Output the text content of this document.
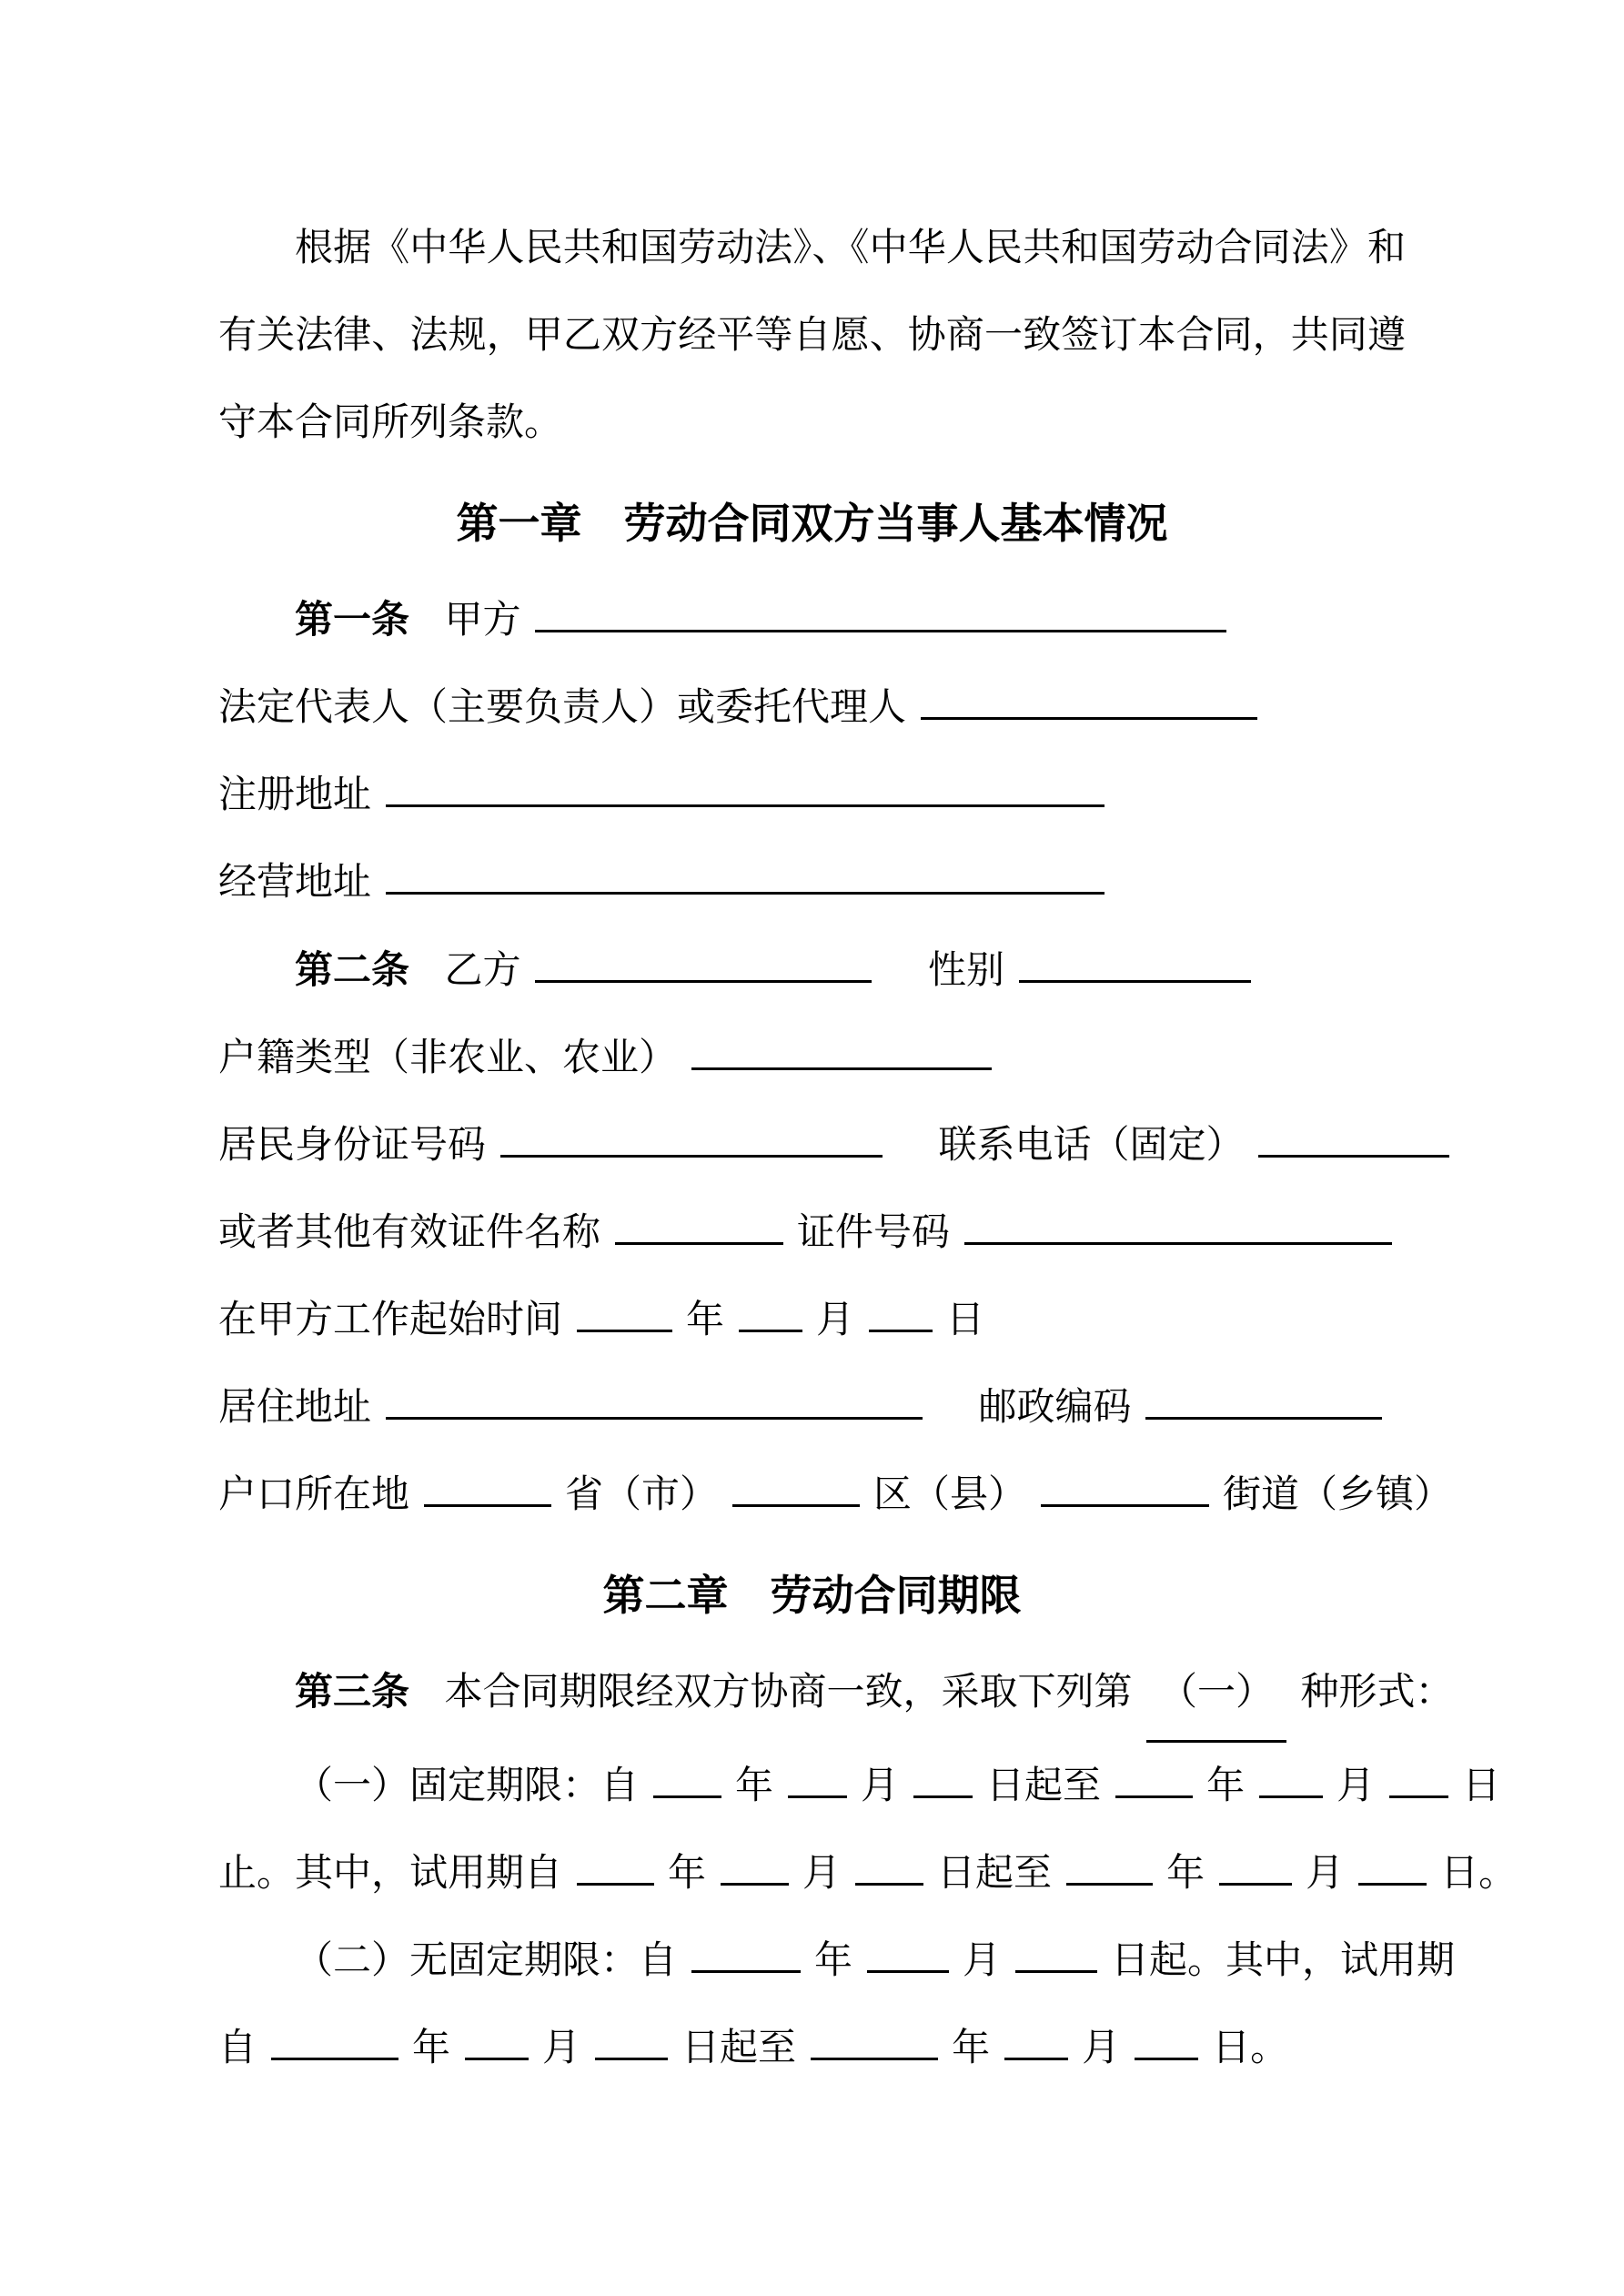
根据《中华人民共和国劳动法》、《中华人民共和国劳动合同法》和有关法律、法规，甲乙双方经平等自愿、协商一致签订本合同，共同遵守本合同所列条款。

第一章　劳动合同双方当事人基本情况
第一条 甲方
法定代表人（主要负责人）或委托代理人
注册地址
经营地址
第二条 乙方	性别
户籍类型（非农业、农业）
居民身份证号码	联系电话（固定）
或者其他有效证件名称	证件号码
在甲方工作起始时间	年 月 日
居住地址	邮政编码
户口所在地	省（市）	区（县）	街道（乡镇）
第二章　劳动合同期限
第三条 本合同期限经双方协商一致，采取下列第 （一） 种形式：
（一）固定期限：自	年 月 日起至	年 月 日
止。其中，试用期自	年	月	日起至	年	月	日。
（二）无固定期限：自	年	月	日起。其中，试用期
自	年 月	日起至	年 月 日。
